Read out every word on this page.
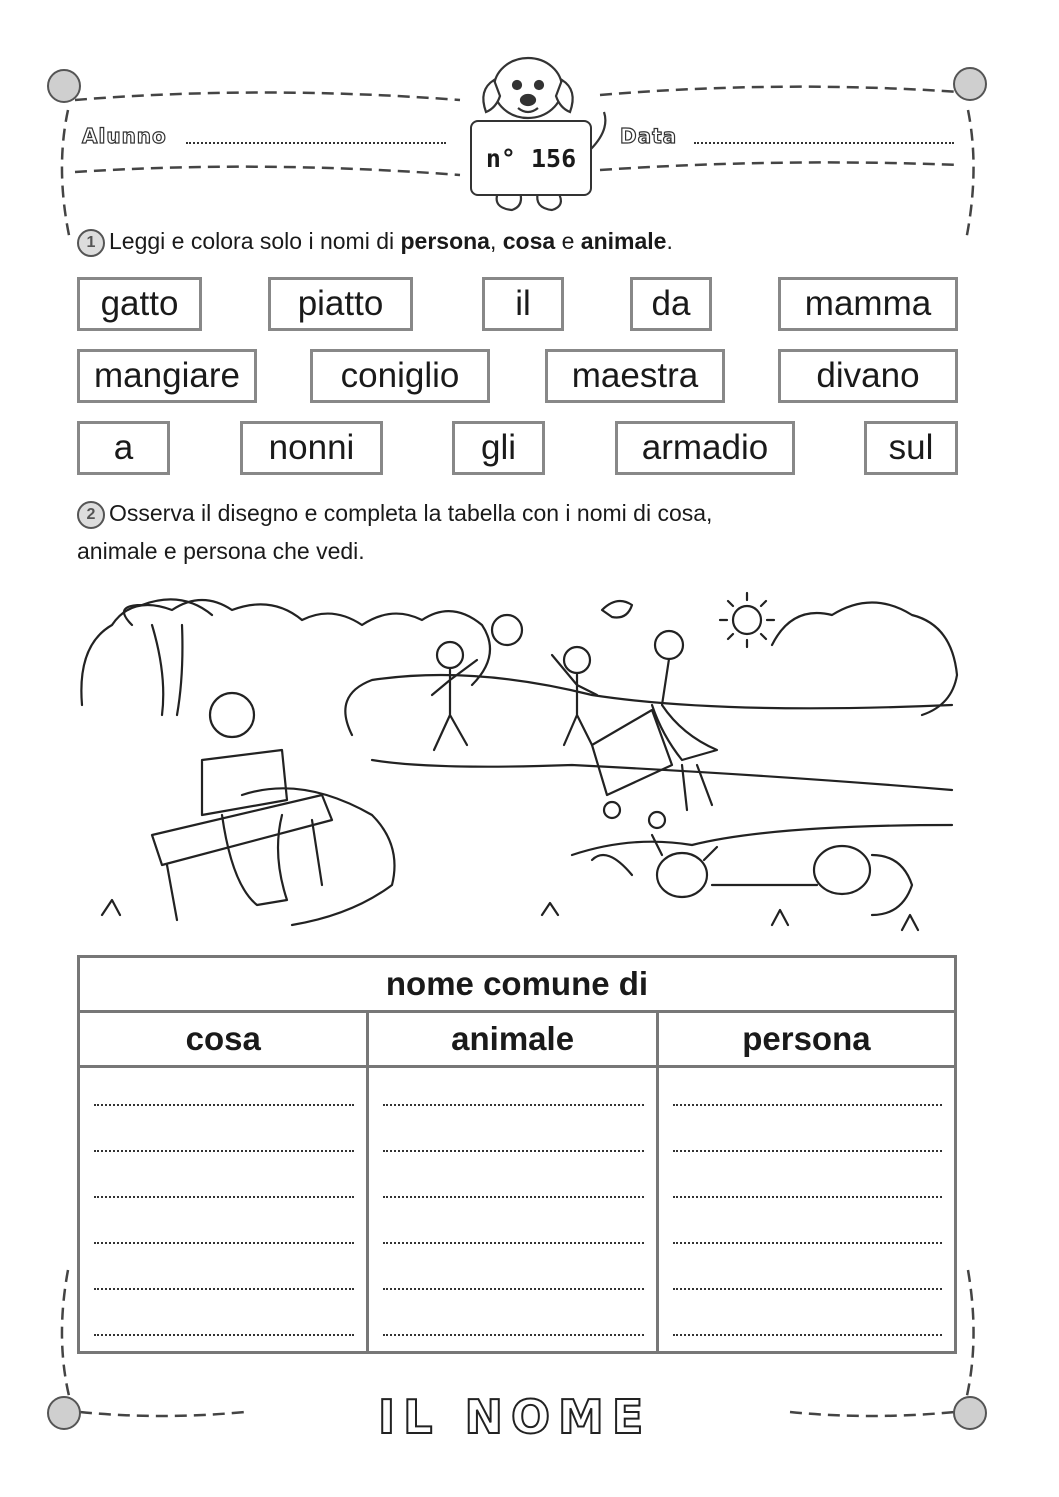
Alunno
n° 156
Data
1 Leggi e colora solo i nomi di persona, cosa e animale.
gatto	piatto	il	da	mamma
mangiare	coniglio	maestra	divano
a	nonni	gli	armadio	sul
2 Osserva il disegno e completa la tabella con i nomi di cosa,
animale e persona che vedi.
nome comune di		
cosa	animale	persona

IL NOME
